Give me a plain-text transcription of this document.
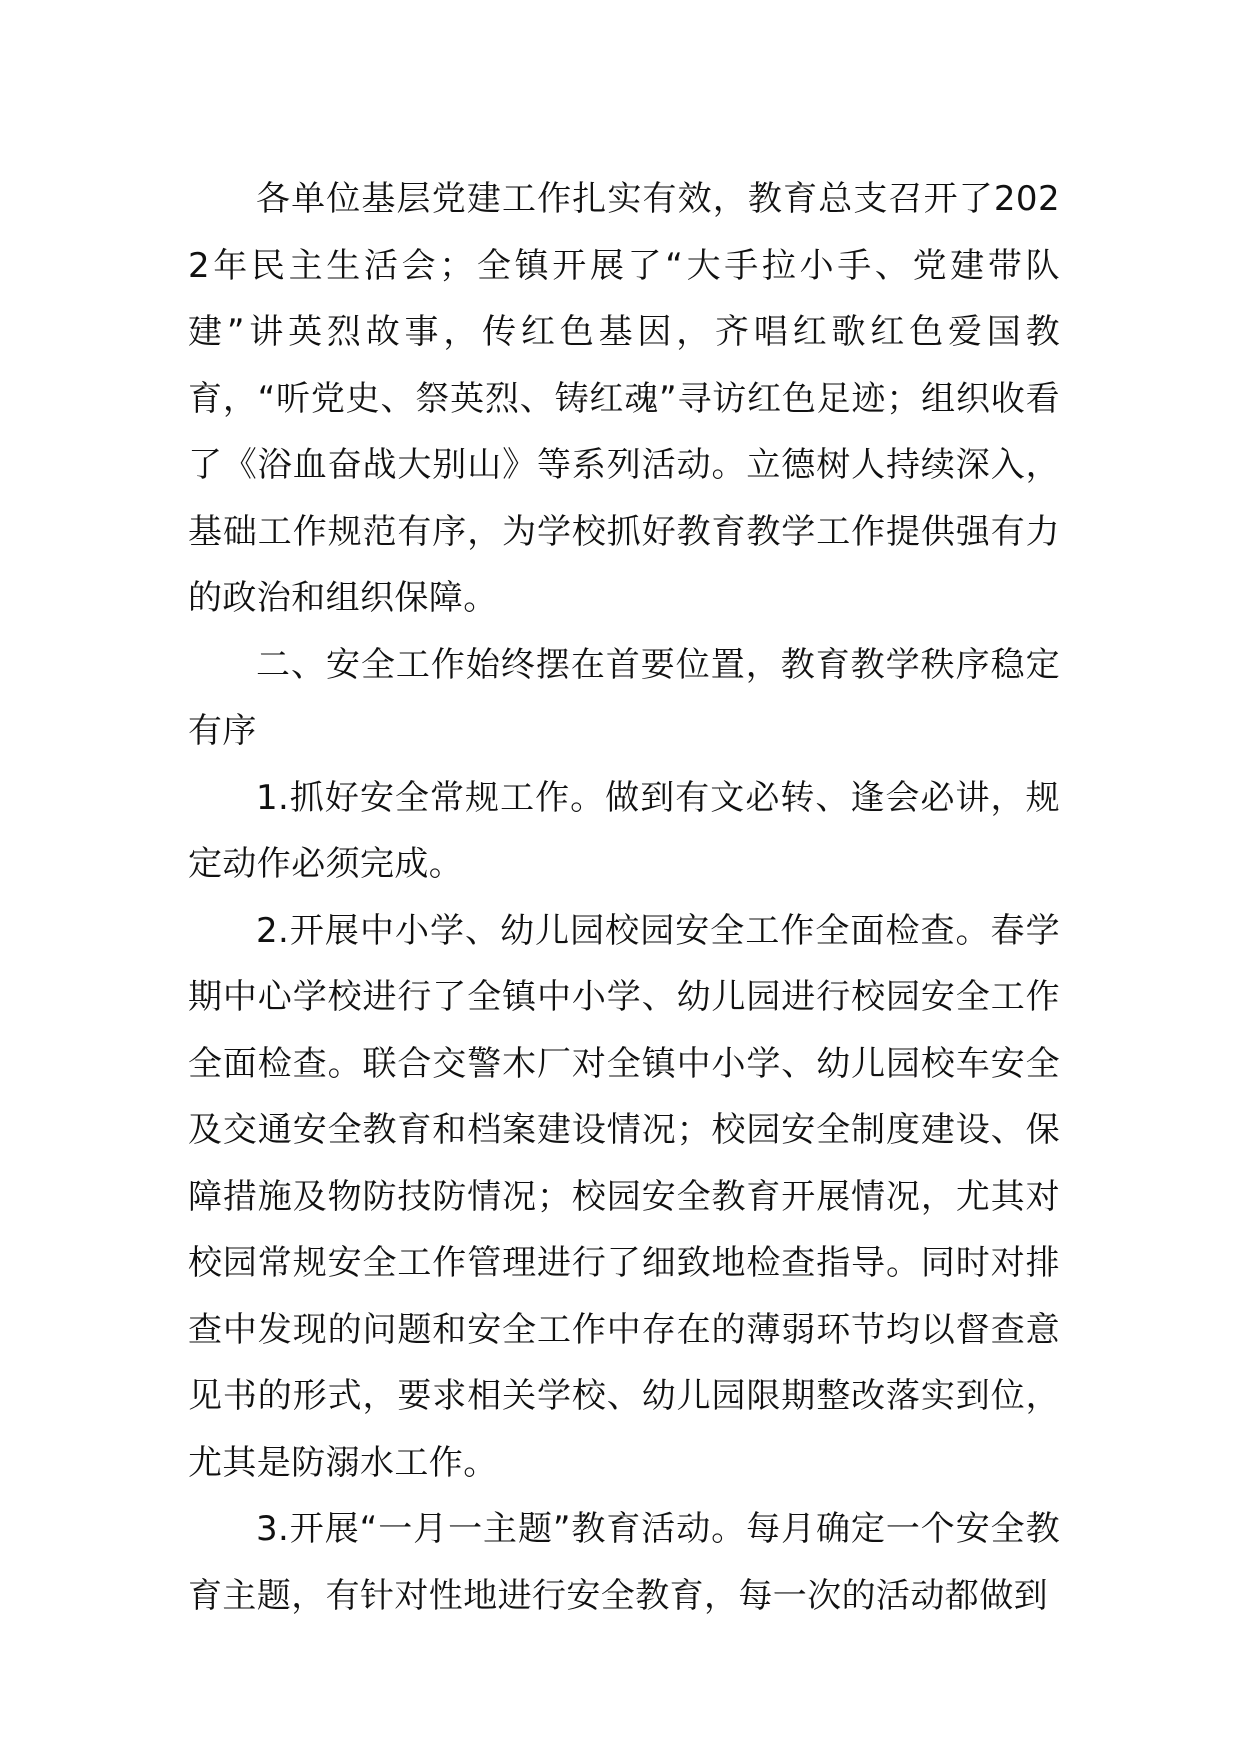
各单位基层党建工作扎实有效，教育总支召开了2022年民主生活会；全镇开展了“大手拉小手、党建带队建”讲英烈故事，传红色基因，齐唱红歌红色爱国教育，“听党史、祭英烈、铸红魂”寻访红色足迹；组织收看了《浴血奋战大别山》等系列活动。立德树人持续深入，基础工作规范有序，为学校抓好教育教学工作提供强有力的政治和组织保障。

二、安全工作始终摆在首要位置，教育教学秩序稳定有序

1.抓好安全常规工作。做到有文必转、逢会必讲，规定动作必须完成。

2.开展中小学、幼儿园校园安全工作全面检查。春学期中心学校进行了全镇中小学、幼儿园进行校园安全工作全面检查。联合交警木厂对全镇中小学、幼儿园校车安全及交通安全教育和档案建设情况；校园安全制度建设、保障措施及物防技防情况；校园安全教育开展情况，尤其对校园常规安全工作管理进行了细致地检查指导。同时对排查中发现的问题和安全工作中存在的薄弱环节均以督查意见书的形式，要求相关学校、幼儿园限期整改落实到位，尤其是防溺水工作。

3.开展“一月一主题”教育活动。每月确定一个安全教育主题，有针对性地进行安全教育，每一次的活动都做到
